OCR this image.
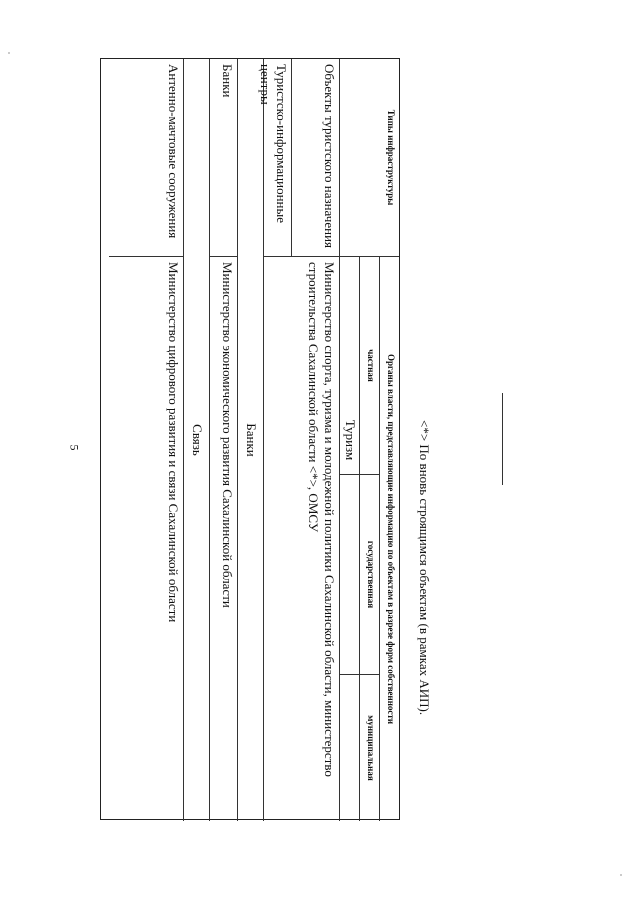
5
Типы инфраструктуры
Органы власти, представляющие информацию по объектам в разрезе форм собственности
частная
государственная
муниципальная
Туризм
Объекты туристского назначения
Министерство спорта, туризма и молодежной политики Сахалинской области, министерство строительства Сахалинской области <*>, ОМСУ
Туристско-информационные центры
Банки
Банки
Министерство экономического развития Сахалинской области
Связь
Антенно-мачтовые сооружения
Министерство цифрового развития и связи Сахалинской области	<*> По вновь строящимся объектам (в рамках АИП).
